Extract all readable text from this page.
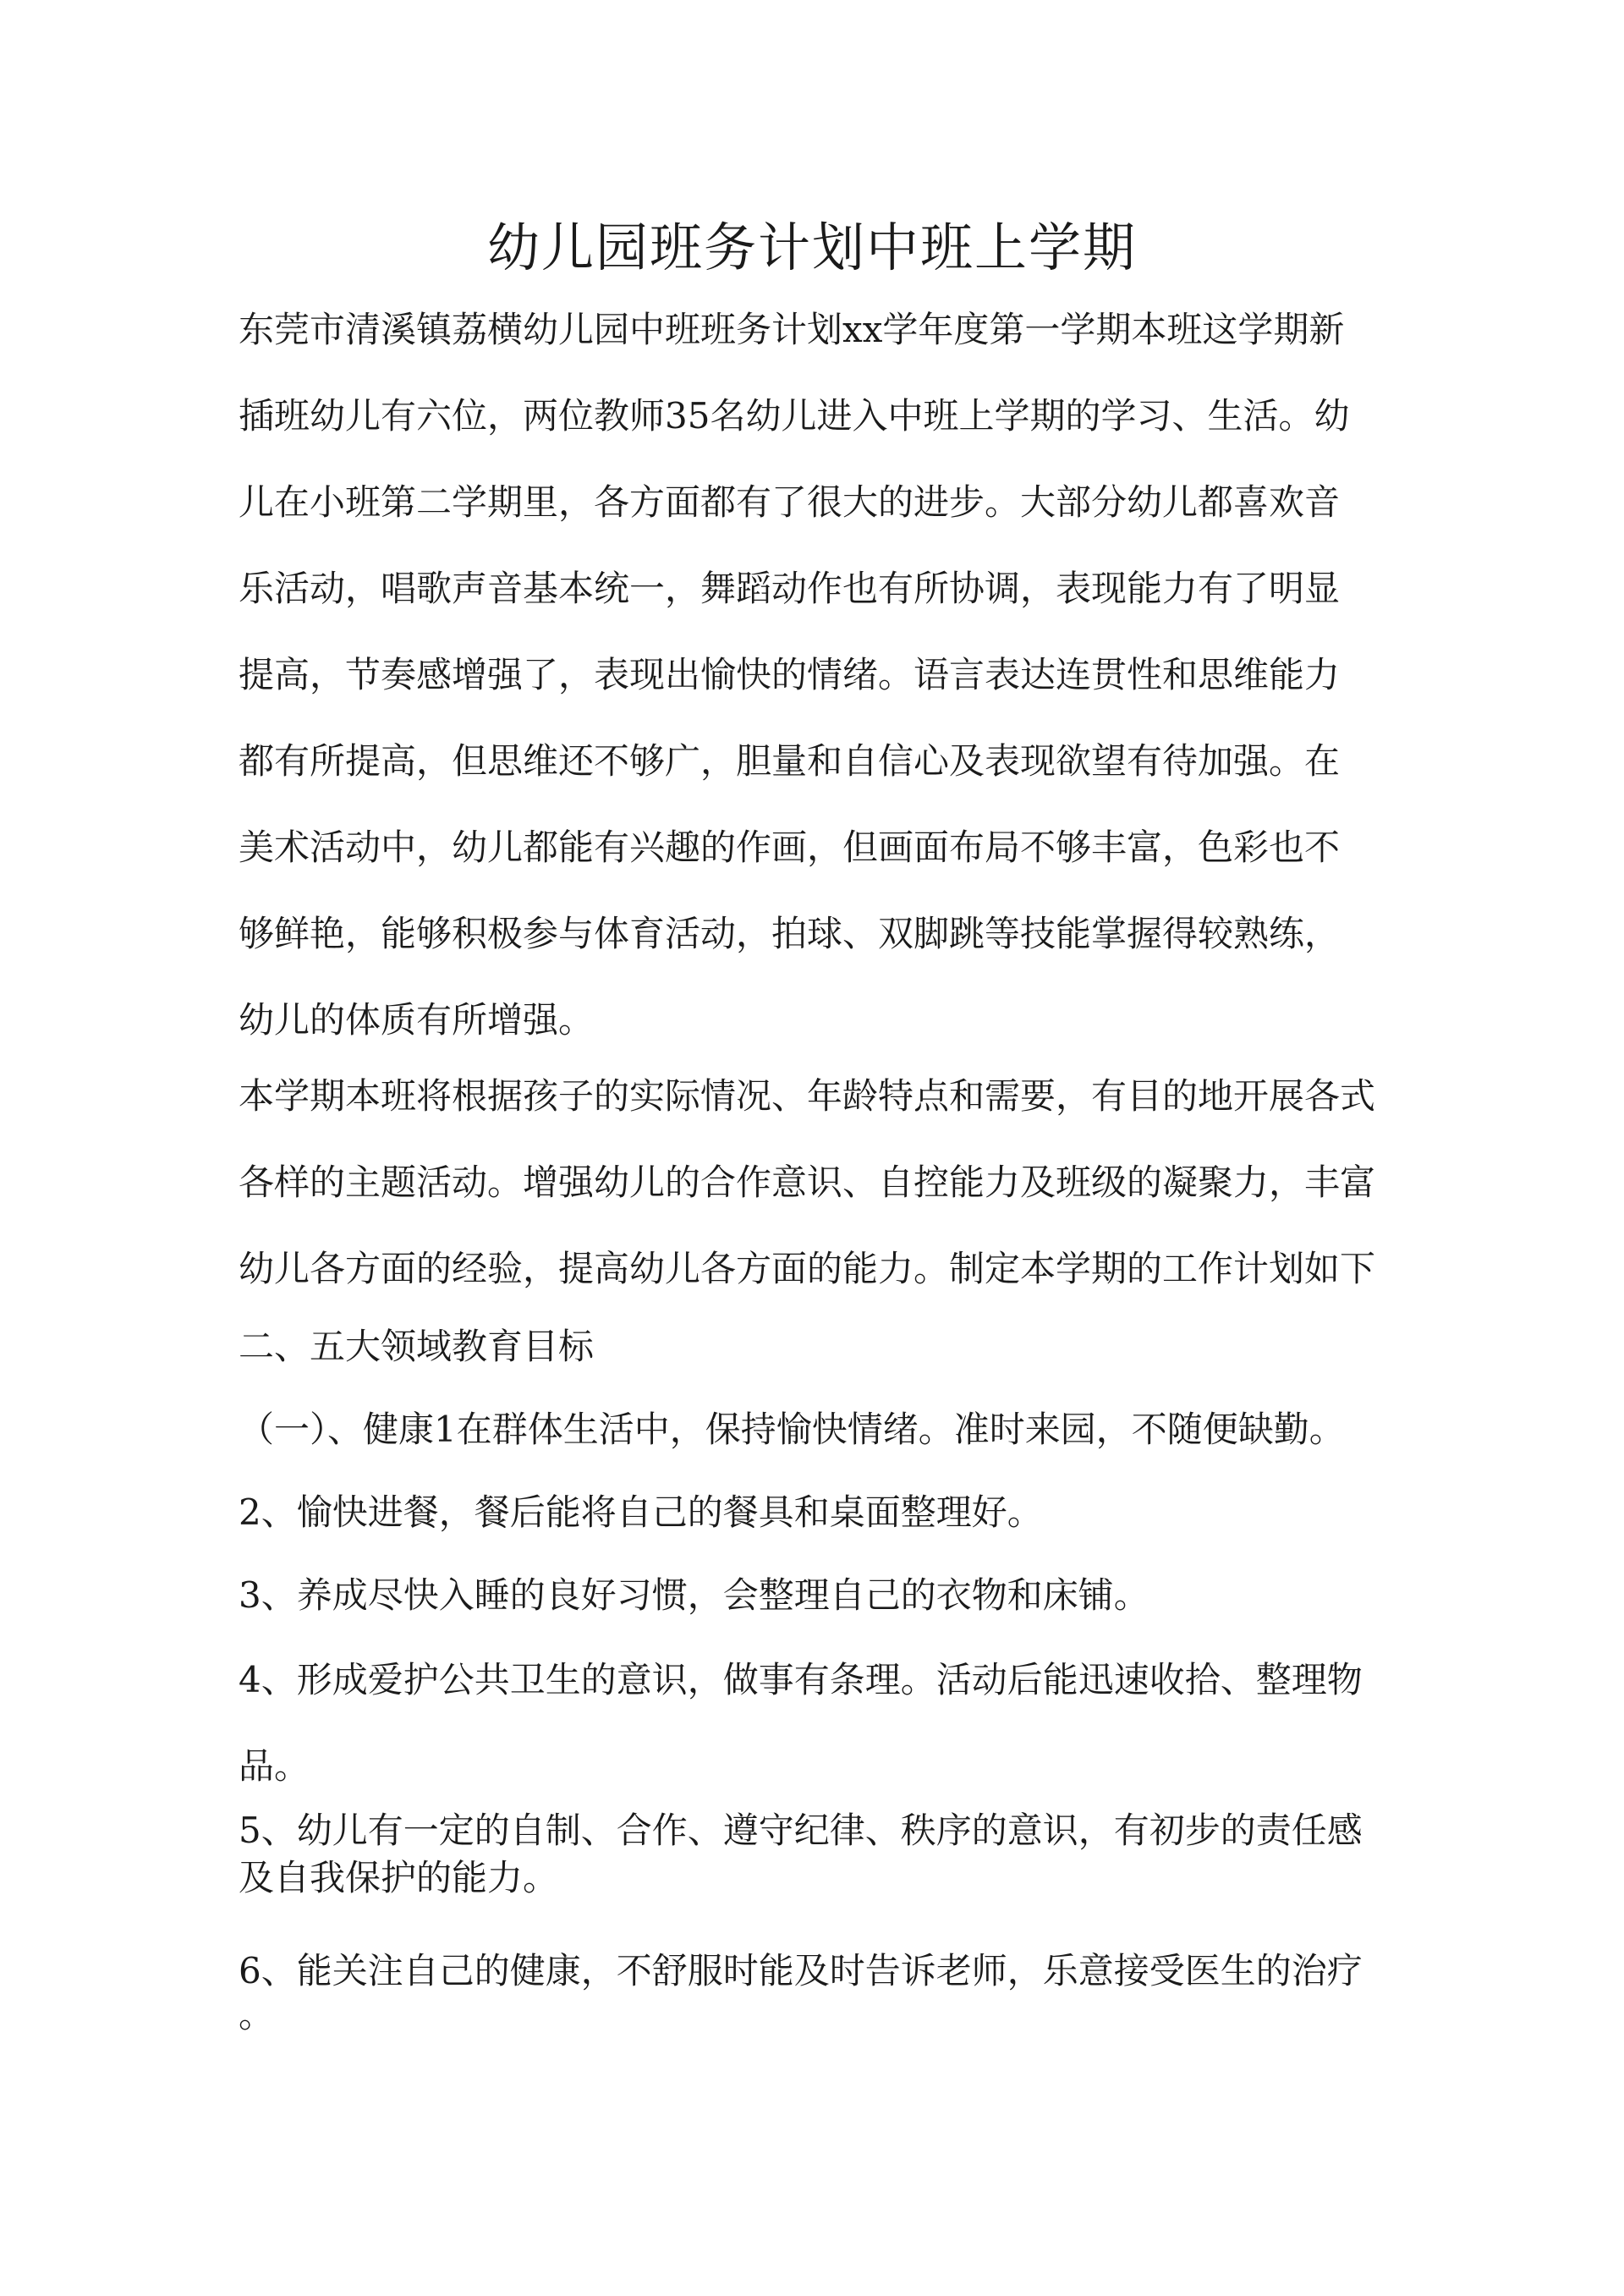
幼儿园班务计划中班上学期

东莞市清溪镇荔横幼儿园中班班务计划xx学年度第一学期本班这学期新

插班幼儿有六位，两位教师35名幼儿进入中班上学期的学习、生活。幼

儿在小班第二学期里，各方面都有了很大的进步。大部分幼儿都喜欢音

乐活动，唱歌声音基本统一，舞蹈动作也有所协调，表现能力有了明显

提高，节奏感增强了，表现出愉快的情绪。语言表达连贯性和思维能力

都有所提高，但思维还不够广，胆量和自信心及表现欲望有待加强。在

美术活动中，幼儿都能有兴趣的作画，但画面布局不够丰富，色彩也不

够鲜艳，能够积极参与体育活动，拍球、双脚跳等技能掌握得较熟练，

幼儿的体质有所增强。

本学期本班将根据孩子的实际情况、年龄特点和需要，有目的地开展各式

各样的主题活动。增强幼儿的合作意识、自控能力及班级的凝聚力，丰富

幼儿各方面的经验，提高幼儿各方面的能力。制定本学期的工作计划如下

二、五大领域教育目标

（一）、健康1在群体生活中，保持愉快情绪。准时来园，不随便缺勤。

2、愉快进餐，餐后能将自己的餐具和桌面整理好。

3、养成尽快入睡的良好习惯，会整理自己的衣物和床铺。

4、形成爱护公共卫生的意识，做事有条理。活动后能迅速收拾、整理物

品。

5、幼儿有一定的自制、合作、遵守纪律、秩序的意识，有初步的责任感

及自我保护的能力。

6、能关注自己的健康，不舒服时能及时告诉老师，乐意接受医生的治疗

。
